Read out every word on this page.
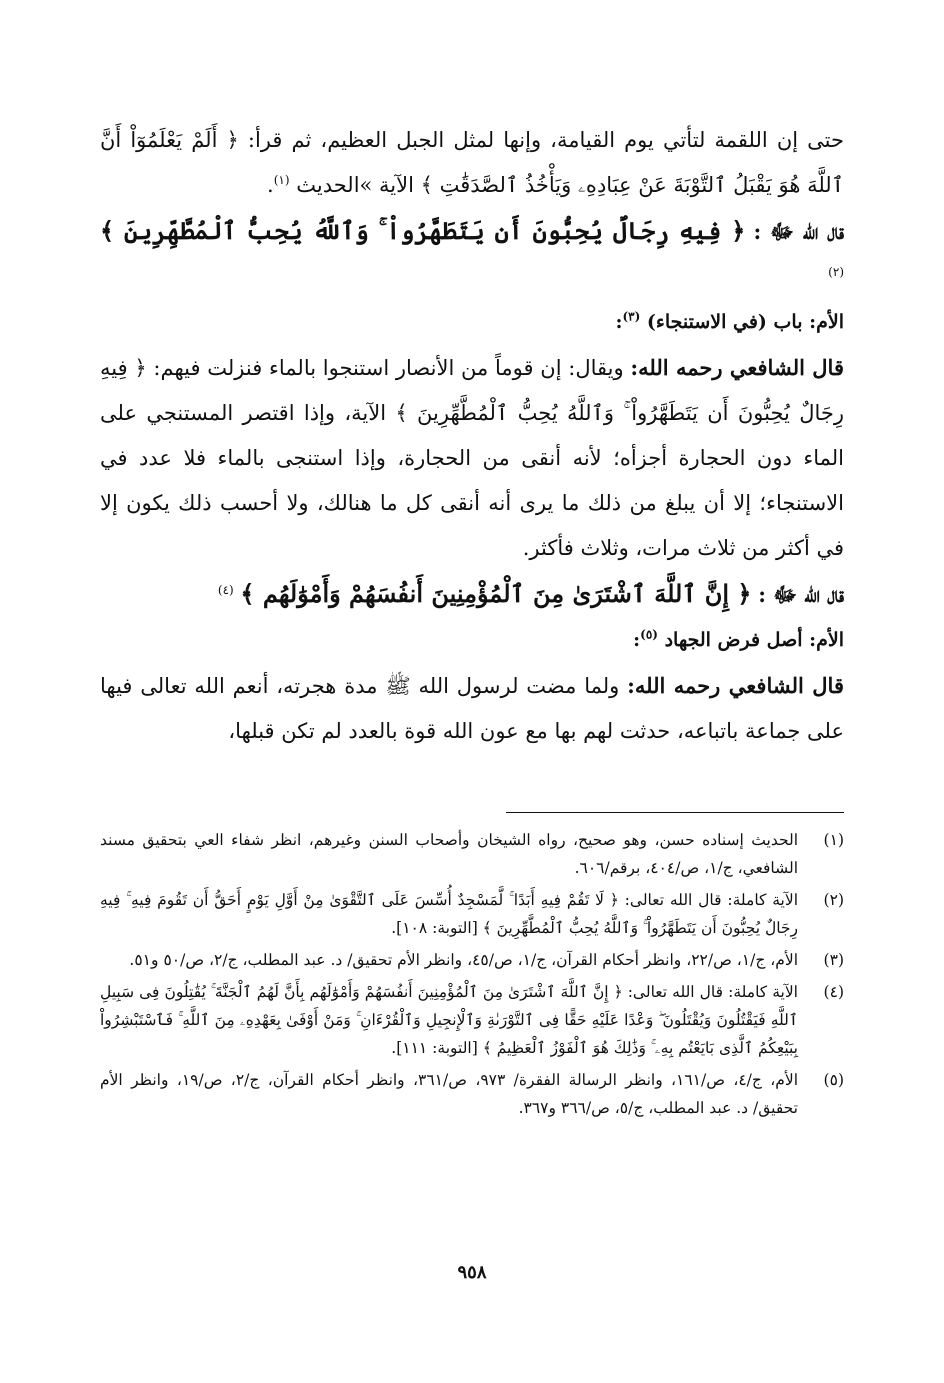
حتى إن اللقمة لتأتي يوم القيامة، وإنها لمثل الجبل العظيم، ثم قرأ: ﴿ أَلَمْ يَعْلَمُوٓاْ أَنَّ ٱللَّهَ هُوَ يَقْبَلُ ٱلتَّوْبَةَ عَنْ عِبَادِهِۦ وَيَأْخُذُ ٱلصَّدَقَٰتِ ﴾ الآية »الحديث $^{(١)}$.

قال الله ﷻ : ﴿ فِيهِ رِجَالٌ يُحِبُّونَ أَن يَتَطَهَّرُواْ ۚ وَٱللَّهُ يُحِبُّ ٱلْمُطَّهِّرِينَ ﴾ $^{(٢)}$

الأم: باب (في الاستنجاء) $^{(٣)}$:

قال الشافعي رحمه الله: ويقال: إن قوماً من الأنصار استنجوا بالماء فنزلت فيهم: ﴿ فِيهِ رِجَالٌ يُحِبُّونَ أَن يَتَطَهَّرُواْ ۚ وَٱللَّهُ يُحِبُّ ٱلْمُطَّهِّرِينَ ﴾ الآية، وإذا اقتصر المستنجي على الماء دون الحجارة أجزأه؛ لأنه أنقى من الحجارة، وإذا استنجى بالماء فلا عدد في الاستنجاء؛ إلا أن يبلغ من ذلك ما يرى أنه أنقى كل ما هنالك، ولا أحسب ذلك يكون إلا في أكثر من ثلاث مرات، وثلاث فأكثر.

قال الله ﷻ : ﴿ إِنَّ ٱللَّهَ ٱشْتَرَىٰ مِنَ ٱلْمُؤْمِنِينَ أَنفُسَهُمْ وَأَمْوَٰلَهُم ﴾ $^{(٤)}$

الأم: أصل فرض الجهاد $^{(٥)}$:

قال الشافعي رحمه الله: ولما مضت لرسول الله ﷺ مدة هجرته، أنعم الله تعالى فيها على جماعة باتباعه، حدثت لهم بها مع عون الله قوة بالعدد لم تكن قبلها،

(١)
الحديث إسناده حسن، وهو صحيح، رواه الشيخان وأصحاب السنن وغيرهم، انظر شفاء العي بتحقيق مسند الشافعي، ج/١، ص/٤٠٤، برقم/٦٠٦.
(٢)
الآية كاملة: قال الله تعالى: ﴿ لَا تَقُمْ فِيهِ أَبَدًا ۚ لَّمَسْجِدٌ أُسِّسَ عَلَى ٱلتَّقْوَىٰ مِنْ أَوَّلِ يَوْمٍ أَحَقُّ أَن تَقُومَ فِيهِ ۚ فِيهِ رِجَالٌ يُحِبُّونَ أَن يَتَطَهَّرُواْ ۚ وَٱللَّهُ يُحِبُّ ٱلْمُطَّهِّرِينَ ﴾ [التوبة: ١٠٨].
(٣)
الأم، ج/١، ص/٢٢، وانظر أحكام القرآن، ج/١، ص/٤٥، وانظر الأم تحقيق/ د. عبد المطلب، ج/٢، ص/٥٠ و٥١.
(٤)
الآية كاملة: قال الله تعالى: ﴿ إِنَّ ٱللَّهَ ٱشْتَرَىٰ مِنَ ٱلْمُؤْمِنِينَ أَنفُسَهُمْ وَأَمْوَٰلَهُم بِأَنَّ لَهُمُ ٱلْجَنَّةَ ۚ يُقَٰتِلُونَ فِى سَبِيلِ ٱللَّهِ فَيَقْتُلُونَ وَيُقْتَلُونَ ۖ وَعْدًا عَلَيْهِ حَقًّا فِى ٱلتَّوْرَىٰةِ وَٱلْإِنجِيلِ وَٱلْقُرْءَانِ ۚ وَمَنْ أَوْفَىٰ بِعَهْدِهِۦ مِنَ ٱللَّهِ ۚ فَٱسْتَبْشِرُواْ بِبَيْعِكُمُ ٱلَّذِى بَايَعْتُم بِهِۦ ۚ وَذَٰلِكَ هُوَ ٱلْفَوْزُ ٱلْعَظِيمُ ﴾ [التوبة: ١١١].
(٥)
الأم، ج/٤، ص/١٦١، وانظر الرسالة الفقرة/ ٩٧٣، ص/٣٦١، وانظر أحكام القرآن، ج/٢، ص/١٩، وانظر الأم تحقيق/ د. عبد المطلب، ج/٥، ص/٣٦٦ و٣٦٧.
٩٥٨
